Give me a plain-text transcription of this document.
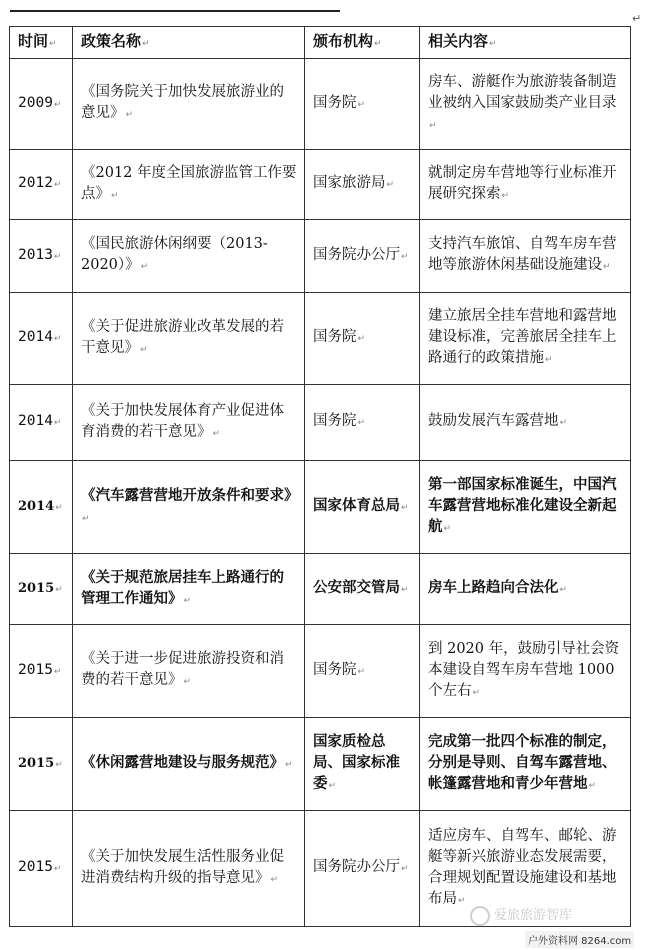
↵
时间↵	政策名称↵	颁布机构↵	相关内容↵
2009↵	《国务院关于加快发展旅游业的意见》↵	国务院↵	房车、游艇作为旅游装备制造业被纳入国家鼓励类产业目录↵
2012↵	《2012 年度全国旅游监管工作要点》↵	国家旅游局↵	就制定房车营地等行业标准开展研究探索↵
2013↵	《国民旅游休闲纲要（2013-2020）》↵	国务院办公厅↵	支持汽车旅馆、自驾车房车营地等旅游休闲基础设施建设↵
2014↵	《关于促进旅游业改革发展的若干意见》↵	国务院↵	建立旅居全挂车营地和露营地建设标准，完善旅居全挂车上路通行的政策措施↵
2014↵	《关于加快发展体育产业促进体育消费的若干意见》↵	国务院↵	鼓励发展汽车露营地↵
2014↵	《汽车露营营地开放条件和要求》↵	国家体育总局↵	第一部国家标准诞生，中国汽车露营营地标准化建设全新起航↵
2015↵	《关于规范旅居挂车上路通行的管理工作通知》↵	公安部交管局↵	房车上路趋向合法化↵
2015↵	《关于进一步促进旅游投资和消费的若干意见》↵	国务院↵	到 2020 年，鼓励引导社会资本建设自驾车房车营地 1000 个左右↵
2015↵	《休闲露营地建设与服务规范》↵	国家质检总局、国家标准委↵	完成第一批四个标准的制定，分别是导则、自驾车露营地、帐篷露营地和青少年营地↵
2015↵	《关于加快发展生活性服务业促进消费结构升级的指导意见》↵	国务院办公厅↵	适应房车、自驾车、邮轮、游艇等新兴旅游业态发展需要，合理规划配置设施建设和基地布局↵
爱旅旅游智库
户外资料网 8264.com
